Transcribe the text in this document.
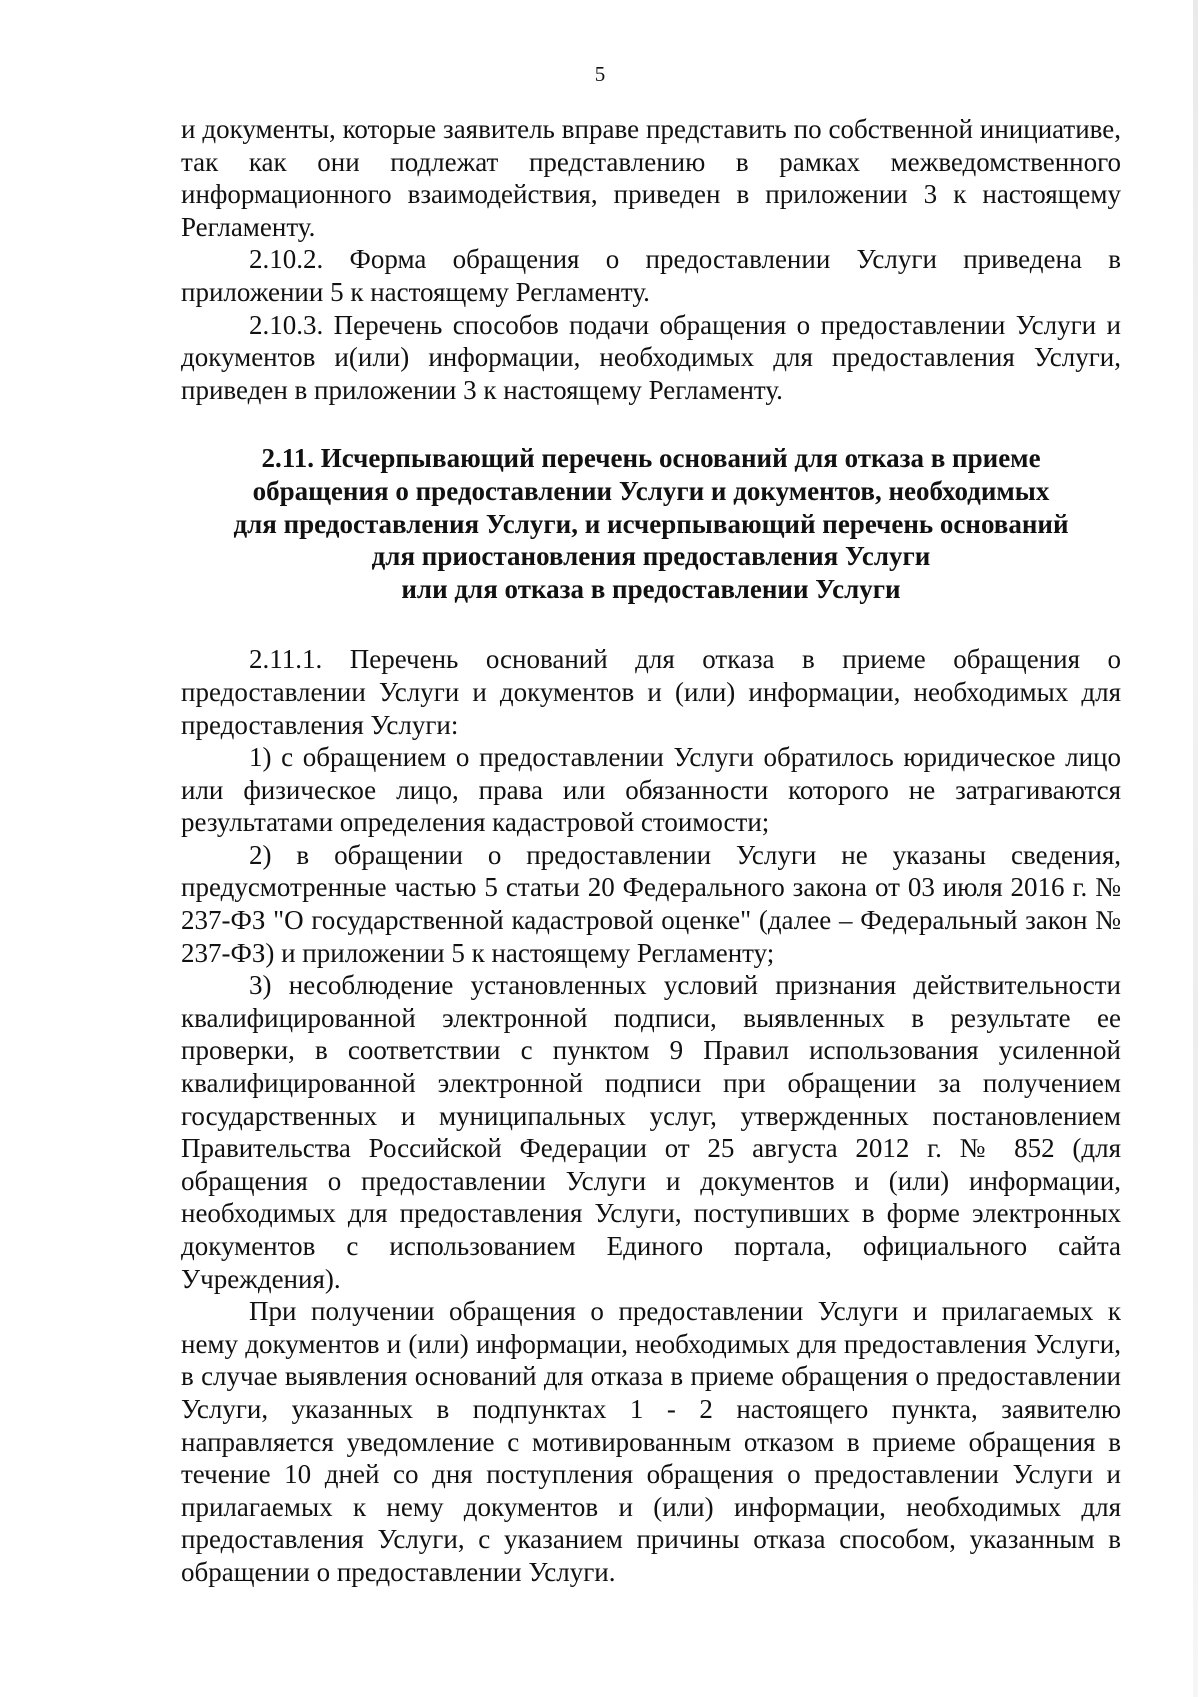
5

и документы, которые заявитель вправе представить по собственной инициативе, так как они подлежат представлению в рамках межведомственного информационного взаимодействия, приведен в приложении 3 к настоящему Регламенту.

2.10.2. Форма обращения о предоставлении Услуги приведена в приложении 5 к настоящему Регламенту.

2.10.3. Перечень способов подачи обращения о предоставлении Услуги и документов и(или) информации, необходимых для предоставления Услуги, приведен в приложении 3 к настоящему Регламенту.

2.11. Исчерпывающий перечень оснований для отказа в приеме
обращения о предоставлении Услуги и документов, необходимых
для предоставления Услуги, и исчерпывающий перечень оснований
для приостановления предоставления Услуги
или для отказа в предоставлении Услуги

2.11.1. Перечень оснований для отказа в приеме обращения о предоставлении Услуги и документов и (или) информации, необходимых для предоставления Услуги:

1) с обращением о предоставлении Услуги обратилось юридическое лицо или физическое лицо, права или обязанности которого не затрагиваются результатами определения кадастровой стоимости;

2) в обращении о предоставлении Услуги не указаны сведения, предусмотренные частью 5 статьи 20 Федерального закона от 03 июля 2016 г. № 237-ФЗ "О государственной кадастровой оценке" (далее – Федеральный закон № 237-ФЗ) и приложении 5 к настоящему Регламенту;

3) несоблюдение установленных условий признания действительности квалифицированной электронной подписи, выявленных в результате ее проверки, в соответствии с пунктом 9 Правил использования усиленной квалифицированной электронной подписи при обращении за получением государственных и муниципальных услуг, утвержденных постановлением Правительства Российской Федерации от 25 августа 2012 г. № 852 (для обращения о предоставлении Услуги и документов и (или) информации, необходимых для предоставления Услуги, поступивших в форме электронных документов с использованием Единого портала, официального сайта Учреждения).

При получении обращения о предоставлении Услуги и прилагаемых к нему документов и (или) информации, необходимых для предоставления Услуги, в случае выявления оснований для отказа в приеме обращения о предоставлении Услуги, указанных в подпунктах 1 - 2 настоящего пункта, заявителю направляется уведомление с мотивированным отказом в приеме обращения в течение 10 дней со дня поступления обращения о предоставлении Услуги и прилагаемых к нему документов и (или) информации, необходимых для предоставления Услуги, с указанием причины отказа способом, указанным в обращении о предоставлении Услуги.
